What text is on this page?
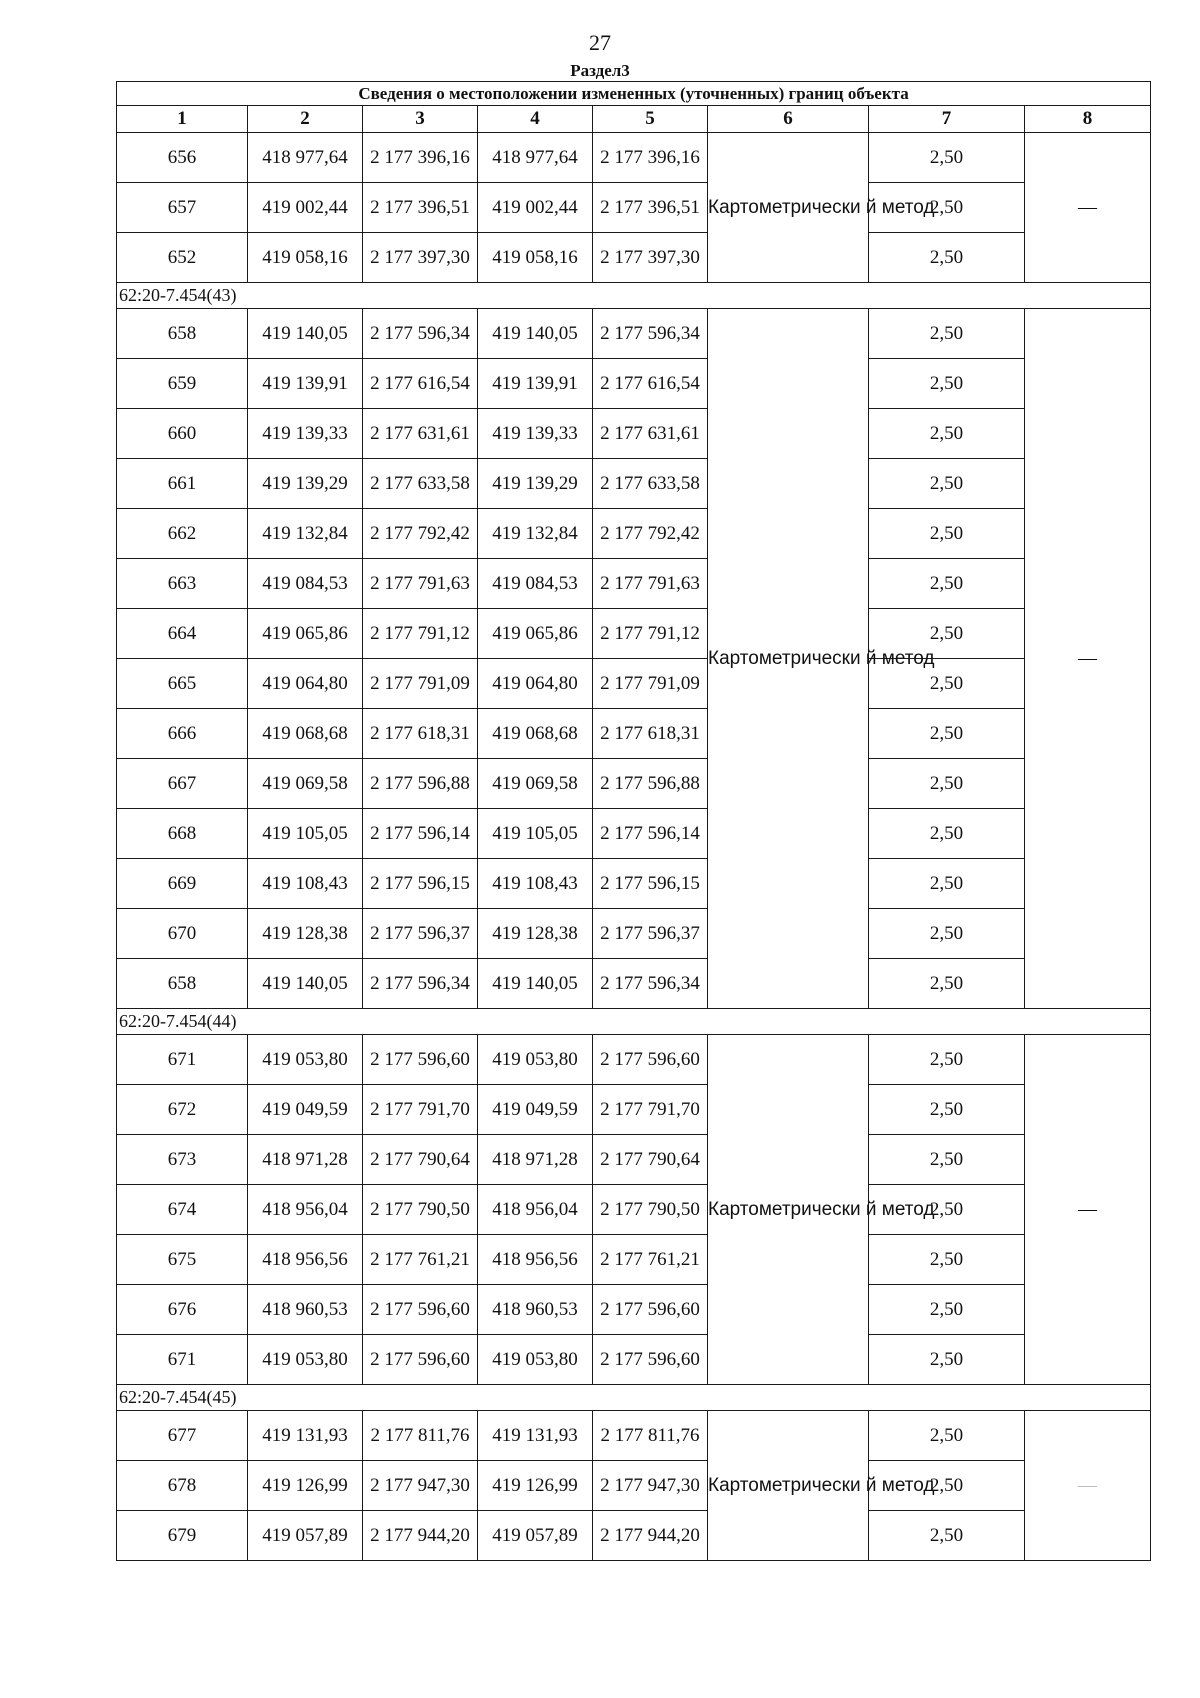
27
Раздел3
Сведения о местоположении измененных (уточненных) границ объекта							
1	2	3	4	5	6	7	8
656	418 977,64	2 177 396,16	418 977,64	2 177 396,16	Картометрически й метод	2,50	—
657	419 002,44	2 177 396,51	419 002,44	2 177 396,51		2,50	
652	419 058,16	2 177 397,30	419 058,16	2 177 397,30		2,50	
62:20-7.454(43)							
658	419 140,05	2 177 596,34	419 140,05	2 177 596,34	Картометрически й метод	2,50	—
659	419 139,91	2 177 616,54	419 139,91	2 177 616,54		2,50	
660	419 139,33	2 177 631,61	419 139,33	2 177 631,61		2,50	
661	419 139,29	2 177 633,58	419 139,29	2 177 633,58		2,50	
662	419 132,84	2 177 792,42	419 132,84	2 177 792,42		2,50	
663	419 084,53	2 177 791,63	419 084,53	2 177 791,63		2,50	
664	419 065,86	2 177 791,12	419 065,86	2 177 791,12		2,50	
665	419 064,80	2 177 791,09	419 064,80	2 177 791,09		2,50	
666	419 068,68	2 177 618,31	419 068,68	2 177 618,31		2,50	
667	419 069,58	2 177 596,88	419 069,58	2 177 596,88		2,50	
668	419 105,05	2 177 596,14	419 105,05	2 177 596,14		2,50	
669	419 108,43	2 177 596,15	419 108,43	2 177 596,15		2,50	
670	419 128,38	2 177 596,37	419 128,38	2 177 596,37		2,50	
658	419 140,05	2 177 596,34	419 140,05	2 177 596,34		2,50	
62:20-7.454(44)							
671	419 053,80	2 177 596,60	419 053,80	2 177 596,60	Картометрически й метод	2,50	—
672	419 049,59	2 177 791,70	419 049,59	2 177 791,70		2,50	
673	418 971,28	2 177 790,64	418 971,28	2 177 790,64		2,50	
674	418 956,04	2 177 790,50	418 956,04	2 177 790,50		2,50	
675	418 956,56	2 177 761,21	418 956,56	2 177 761,21		2,50	
676	418 960,53	2 177 596,60	418 960,53	2 177 596,60		2,50	
671	419 053,80	2 177 596,60	419 053,80	2 177 596,60		2,50	
62:20-7.454(45)							
677	419 131,93	2 177 811,76	419 131,93	2 177 811,76	Картометрически й метод	2,50	—
678	419 126,99	2 177 947,30	419 126,99	2 177 947,30		2,50	
679	419 057,89	2 177 944,20	419 057,89	2 177 944,20		2,50	
